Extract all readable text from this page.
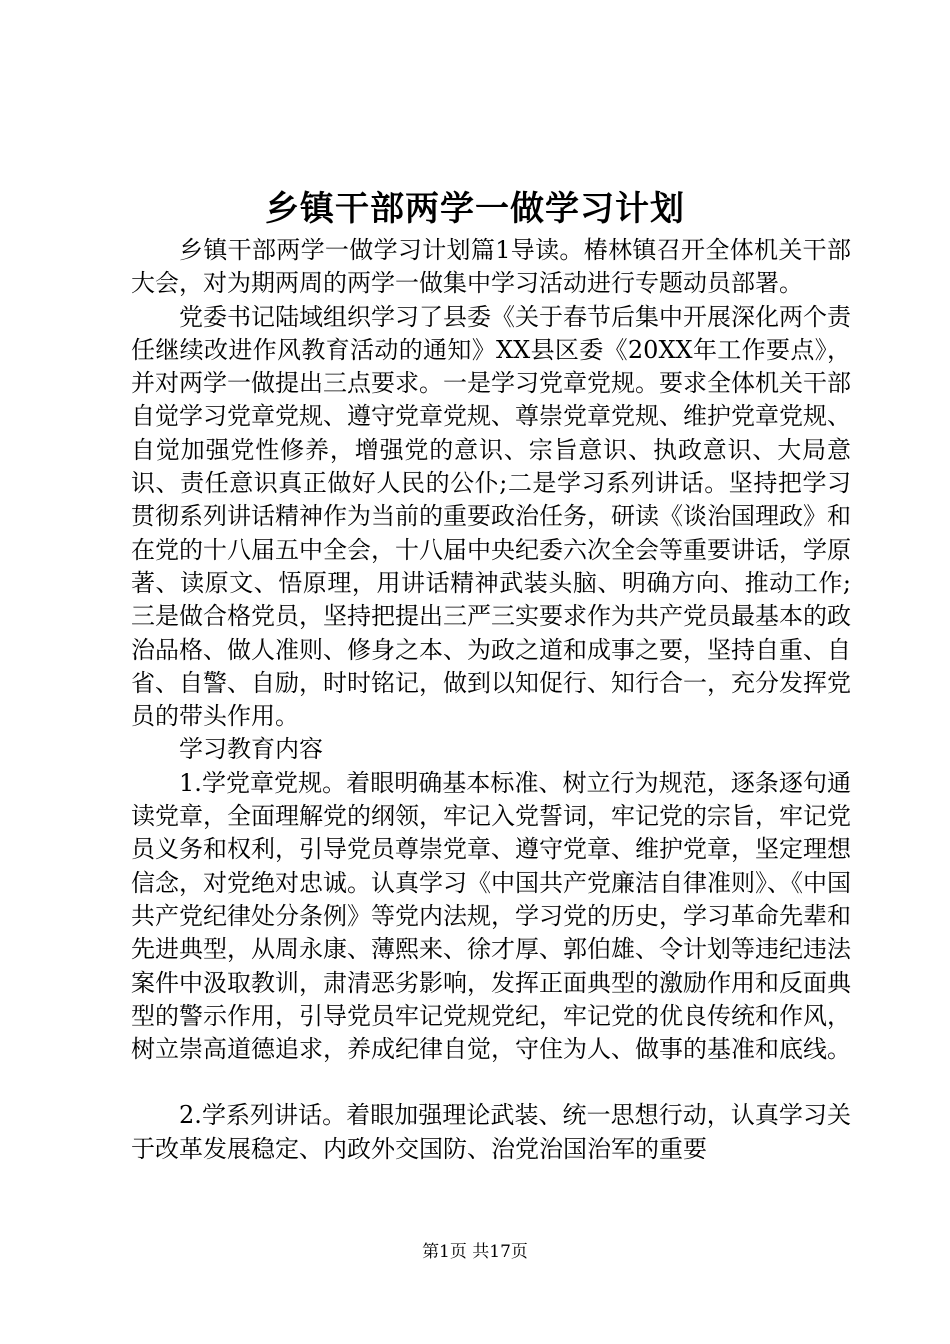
乡镇干部两学一做学习计划

乡镇干部两学一做学习计划篇1导读。椿林镇召开全体机关干部大会，对为期两周的两学一做集中学习活动进行专题动员部署。

党委书记陆域组织学习了县委《关于春节后集中开展深化两个责任继续改进作风教育活动的通知》XX县区委《20XX年工作要点》，并对两学一做提出三点要求。一是学习党章党规。要求全体机关干部自觉学习党章党规、遵守党章党规、尊崇党章党规、维护党章党规、自觉加强党性修养，增强党的意识、宗旨意识、执政意识、大局意识、责任意识真正做好人民的公仆;二是学习系列讲话。坚持把学习贯彻系列讲话精神作为当前的重要政治任务，研读《谈治国理政》和在党的十八届五中全会，十八届中央纪委六次全会等重要讲话，学原著、读原文、悟原理，用讲话精神武装头脑、明确方向、推动工作;三是做合格党员，坚持把提出三严三实要求作为共产党员最基本的政治品格、做人准则、修身之本、为政之道和成事之要，坚持自重、自省、自警、自励，时时铭记，做到以知促行、知行合一，充分发挥党员的带头作用。

学习教育内容

1.学党章党规。着眼明确基本标准、树立行为规范，逐条逐句通读党章，全面理解党的纲领，牢记入党誓词，牢记党的宗旨，牢记党员义务和权利，引导党员尊崇党章、遵守党章、维护党章，坚定理想信念，对党绝对忠诚。认真学习《中国共产党廉洁自律准则》、《中国共产党纪律处分条例》等党内法规，学习党的历史，学习革命先辈和先进典型，从周永康、薄熙来、徐才厚、郭伯雄、令计划等违纪违法案件中汲取教训，肃清恶劣影响，发挥正面典型的激励作用和反面典型的警示作用，引导党员牢记党规党纪，牢记党的优良传统和作风，树立崇高道德追求，养成纪律自觉，守住为人、做事的基准和底线。

2.学系列讲话。着眼加强理论武装、统一思想行动，认真学习关于改革发展稳定、内政外交国防、治党治国治军的重要

第1页 共17页
